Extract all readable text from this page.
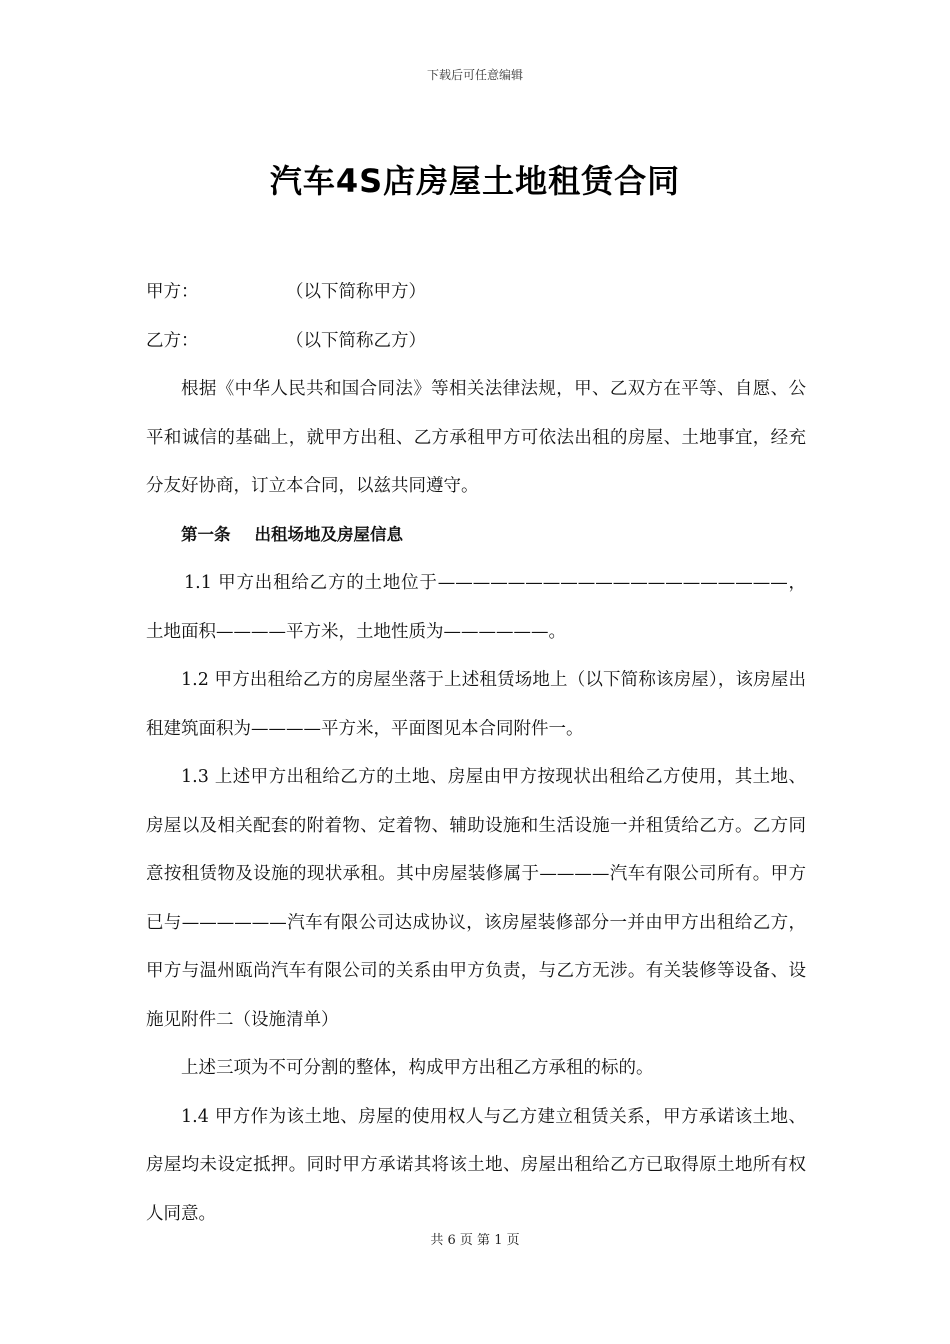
下载后可任意编辑
汽车4S店房屋土地租赁合同

甲方：	（以下简称甲方）

乙方：	（以下简称乙方）

根据《中华人民共和国合同法》等相关法律法规，甲、乙双方在平等、自愿、公平和诚信的基础上，就甲方出租、乙方承租甲方可依法出租的房屋、土地事宜，经充分友好协商，订立本合同，以兹共同遵守。

第一条 出租场地及房屋信息

1.1 甲方出租给乙方的土地位于————————————————————，土地面积————平方米，土地性质为——————。

1.2 甲方出租给乙方的房屋坐落于上述租赁场地上（以下简称该房屋），该房屋出租建筑面积为————平方米，平面图见本合同附件一。

1.3 上述甲方出租给乙方的土地、房屋由甲方按现状出租给乙方使用，其土地、房屋以及相关配套的附着物、定着物、辅助设施和生活设施一并租赁给乙方。乙方同意按租赁物及设施的现状承租。其中房屋装修属于————汽车有限公司所有。甲方已与——————汽车有限公司达成协议，该房屋装修部分一并由甲方出租给乙方，甲方与温州瓯尚汽车有限公司的关系由甲方负责，与乙方无涉。有关装修等设备、设施见附件二（设施清单）

上述三项为不可分割的整体，构成甲方出租乙方承租的标的。

1.4 甲方作为该土地、房屋的使用权人与乙方建立租赁关系，甲方承诺该土地、房屋均未设定抵押。同时甲方承诺其将该土地、房屋出租给乙方已取得原土地所有权人同意。

共 6 页 第 1 页
